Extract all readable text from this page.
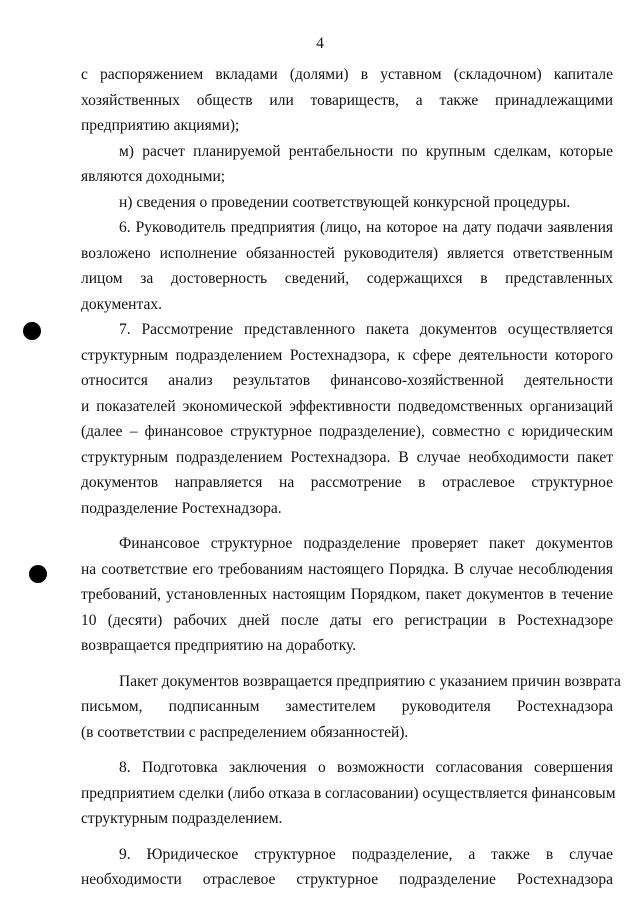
4
с распоряжением вкладами (долями) в уставном (складочном) капитале
хозяйственных обществ или товариществ, а также принадлежащими
предприятию акциями);
м) расчет планируемой рентабельности по крупным сделкам, которые
являются доходными;
н) сведения о проведении соответствующей конкурсной процедуры.
6. Руководитель предприятия (лицо, на которое на дату подачи заявления
возложено исполнение обязанностей руководителя) является ответственным
лицом за достоверность сведений, содержащихся в представленных
документах.
7. Рассмотрение представленного пакета документов осуществляется
структурным подразделением Ростехнадзора, к сфере деятельности которого
относится анализ результатов финансово-хозяйственной деятельности
и показателей экономической эффективности подведомственных организаций
(далее – финансовое структурное подразделение), совместно с юридическим
структурным подразделением Ростехнадзора. В случае необходимости пакет
документов направляется на рассмотрение в отраслевое структурное
подразделение Ростехнадзора.
Финансовое структурное подразделение проверяет пакет документов
на соответствие его требованиям настоящего Порядка. В случае несоблюдения
требований, установленных настоящим Порядком, пакет документов в течение
10 (десяти) рабочих дней после даты его регистрации в Ростехнадзоре
возвращается предприятию на доработку.
Пакет документов возвращается предприятию с указанием причин возврата
письмом, подписанным заместителем руководителя Ростехнадзора
(в соответствии с распределением обязанностей).
8. Подготовка заключения о возможности согласования совершения
предприятием сделки (либо отказа в согласовании) осуществляется финансовым
структурным подразделением.
9. Юридическое структурное подразделение, а также в случае
необходимости отраслевое структурное подразделение Ростехнадзора
